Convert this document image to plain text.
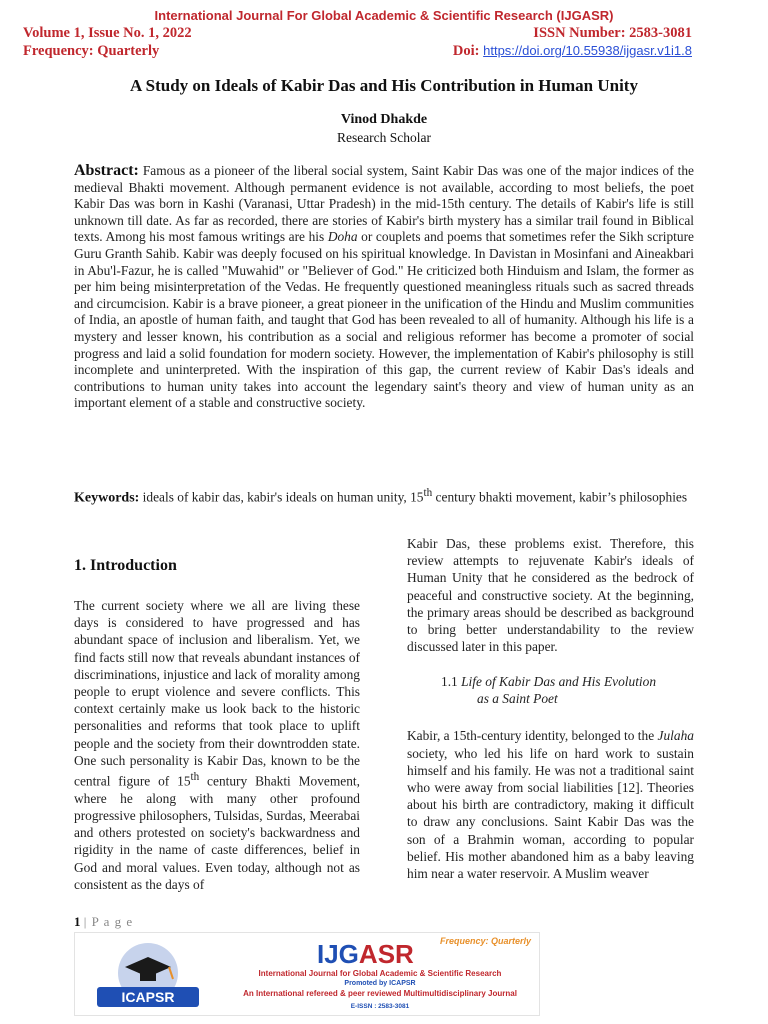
International Journal For Global Academic & Scientific Research (IJGASR)
Volume 1, Issue No. 1, 2022
Frequency: Quarterly
ISSN Number: 2583-3081
Doi: https://doi.org/10.55938/ijgasr.v1i1.8
A Study on Ideals of Kabir Das and His Contribution in Human Unity
Vinod Dhakde
Research Scholar
Abstract: Famous as a pioneer of the liberal social system, Saint Kabir Das was one of the major indices of the medieval Bhakti movement. Although permanent evidence is not available, according to most beliefs, the poet Kabir Das was born in Kashi (Varanasi, Uttar Pradesh) in the mid-15th century. The details of Kabir's life is still unknown till date. As far as recorded, there are stories of Kabir's birth mystery has a similar trail found in Biblical texts. Among his most famous writings are his Doha or couplets and poems that sometimes refer the Sikh scripture Guru Granth Sahib. Kabir was deeply focused on his spiritual knowledge. In Davistan in Mosinfani and Aineakbari in Abu'l-Fazur, he is called "Muwahid" or "Believer of God." He criticized both Hinduism and Islam, the former as per him being misinterpretation of the Vedas. He frequently questioned meaningless rituals such as sacred threads and circumcision. Kabir is a brave pioneer, a great pioneer in the unification of the Hindu and Muslim communities of India, an apostle of human faith, and taught that God has been revealed to all of humanity. Although his life is a mystery and lesser known, his contribution as a social and religious reformer has become a promoter of social progress and laid a solid foundation for modern society. However, the implementation of Kabir's philosophy is still incomplete and uninterpreted. With the inspiration of this gap, the current review of Kabir Das's ideals and contributions to human unity takes into account the legendary saint's theory and view of human unity as an important element of a stable and constructive society.
Keywords: ideals of kabir das, kabir's ideals on human unity, 15th century bhakti movement, kabir’s philosophies
1. Introduction

The current society where we all are living these days is considered to have progressed and has abundant space of inclusion and liberalism. Yet, we find facts still now that reveals abundant instances of discriminations, injustice and lack of morality among people to erupt violence and severe conflicts. This context certainly make us look back to the historic personalities and reforms that took place to uplift people and the society from their downtrodden state. One such personality is Kabir Das, known to be the central figure of 15th century Bhakti Movement, where he along with many other profound progressive philosophers, Tulsidas, Surdas, Meerabai and others protested on society's backwardness and rigidity in the name of caste differences, belief in God and moral values. Even today, although not as consistent as the days of

Kabir Das, these problems exist. Therefore, this review attempts to rejuvenate Kabir's ideals of Human Unity that he considered as the bedrock of peaceful and constructive society. At the beginning, the primary areas should be described as background to bring better understandability to the review discussed later in this paper.

1.1 Life of Kabir Das and His Evolution
as a Saint Poet

Kabir, a 15th-century identity, belonged to the Julaha society, who led his life on hard work to sustain himself and his family. He was not a traditional saint who were away from social liabilities [12]. Theories about his birth are contradictory, making it difficult to draw any conclusions. Saint Kabir Das was the son of a Brahmin woman, according to popular belief. His mother abandoned him as a baby leaving him near a water reservoir. A Muslim weaver

1 | P a g e
ICAPSR
IJGASR	Frequency: Quarterly
International Journal for Global Academic & Scientific Research
Promoted by ICAPSR
An International refereed & peer reviewed Multimultidisciplinary Journal
E-ISSN : 2583-3081
